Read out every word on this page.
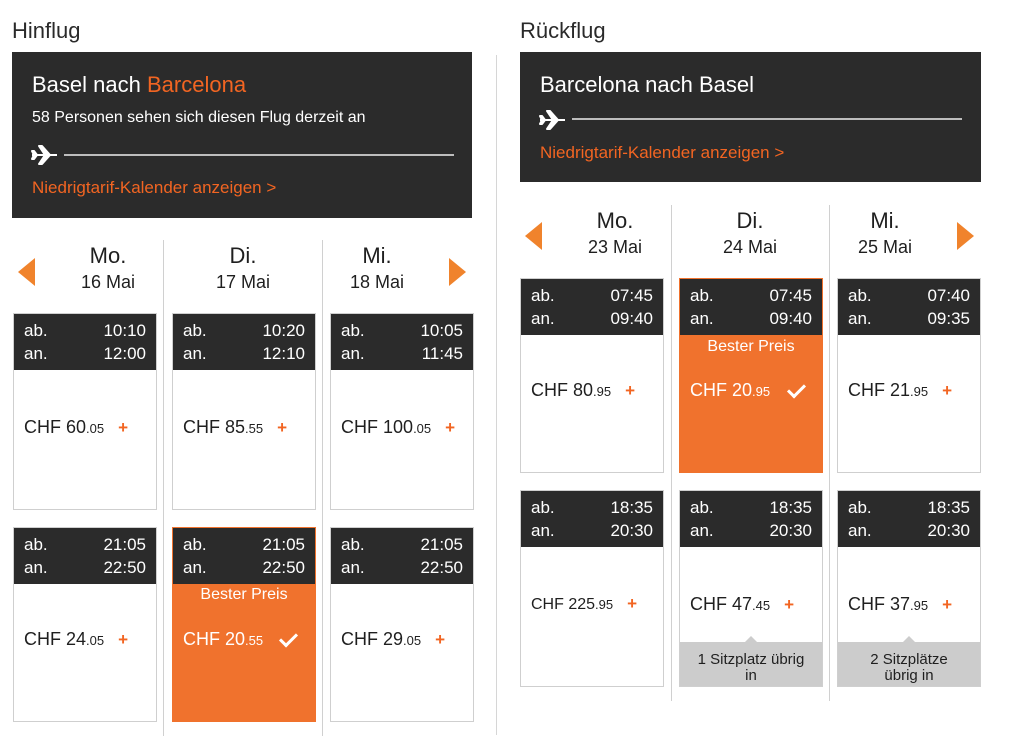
Hinflug
Basel nach Barcelona
58 Personen sehen sich diesen Flug derzeit an
Niedrigtarif-Kalender anzeigen >
Mo.
16 Mai
Di.
17 Mai
Mi.
18 Mai
ab.	10:10
an.	12:00
CHF 60.05 +
ab.	10:20
an.	12:10
CHF 85.55 +
ab.	10:05
an.	11:45
CHF 100.05 +
ab.	21:05
an.	22:50
CHF 24.05 +
ab.	21:05
an.	22:50
Bester Preis
CHF 20.55
ab.	21:05
an.	22:50
CHF 29.05 +
Rückflug
Barcelona nach Basel
Niedrigtarif-Kalender anzeigen >
Mo.
23 Mai
Di.
24 Mai
Mi.
25 Mai
ab.	07:45
an.	09:40
CHF 80.95 +
ab.	07:45
an.	09:40
Bester Preis
CHF 20.95
ab.	07:40
an.	09:35
CHF 21.95 +
ab.	18:35
an.	20:30
CHF 225.95 +
ab.	18:35
an.	20:30
CHF 47.45 +
1 Sitzplatz übrig
in
ab.	18:35
an.	20:30
CHF 37.95 +
2 Sitzplätze
übrig in
